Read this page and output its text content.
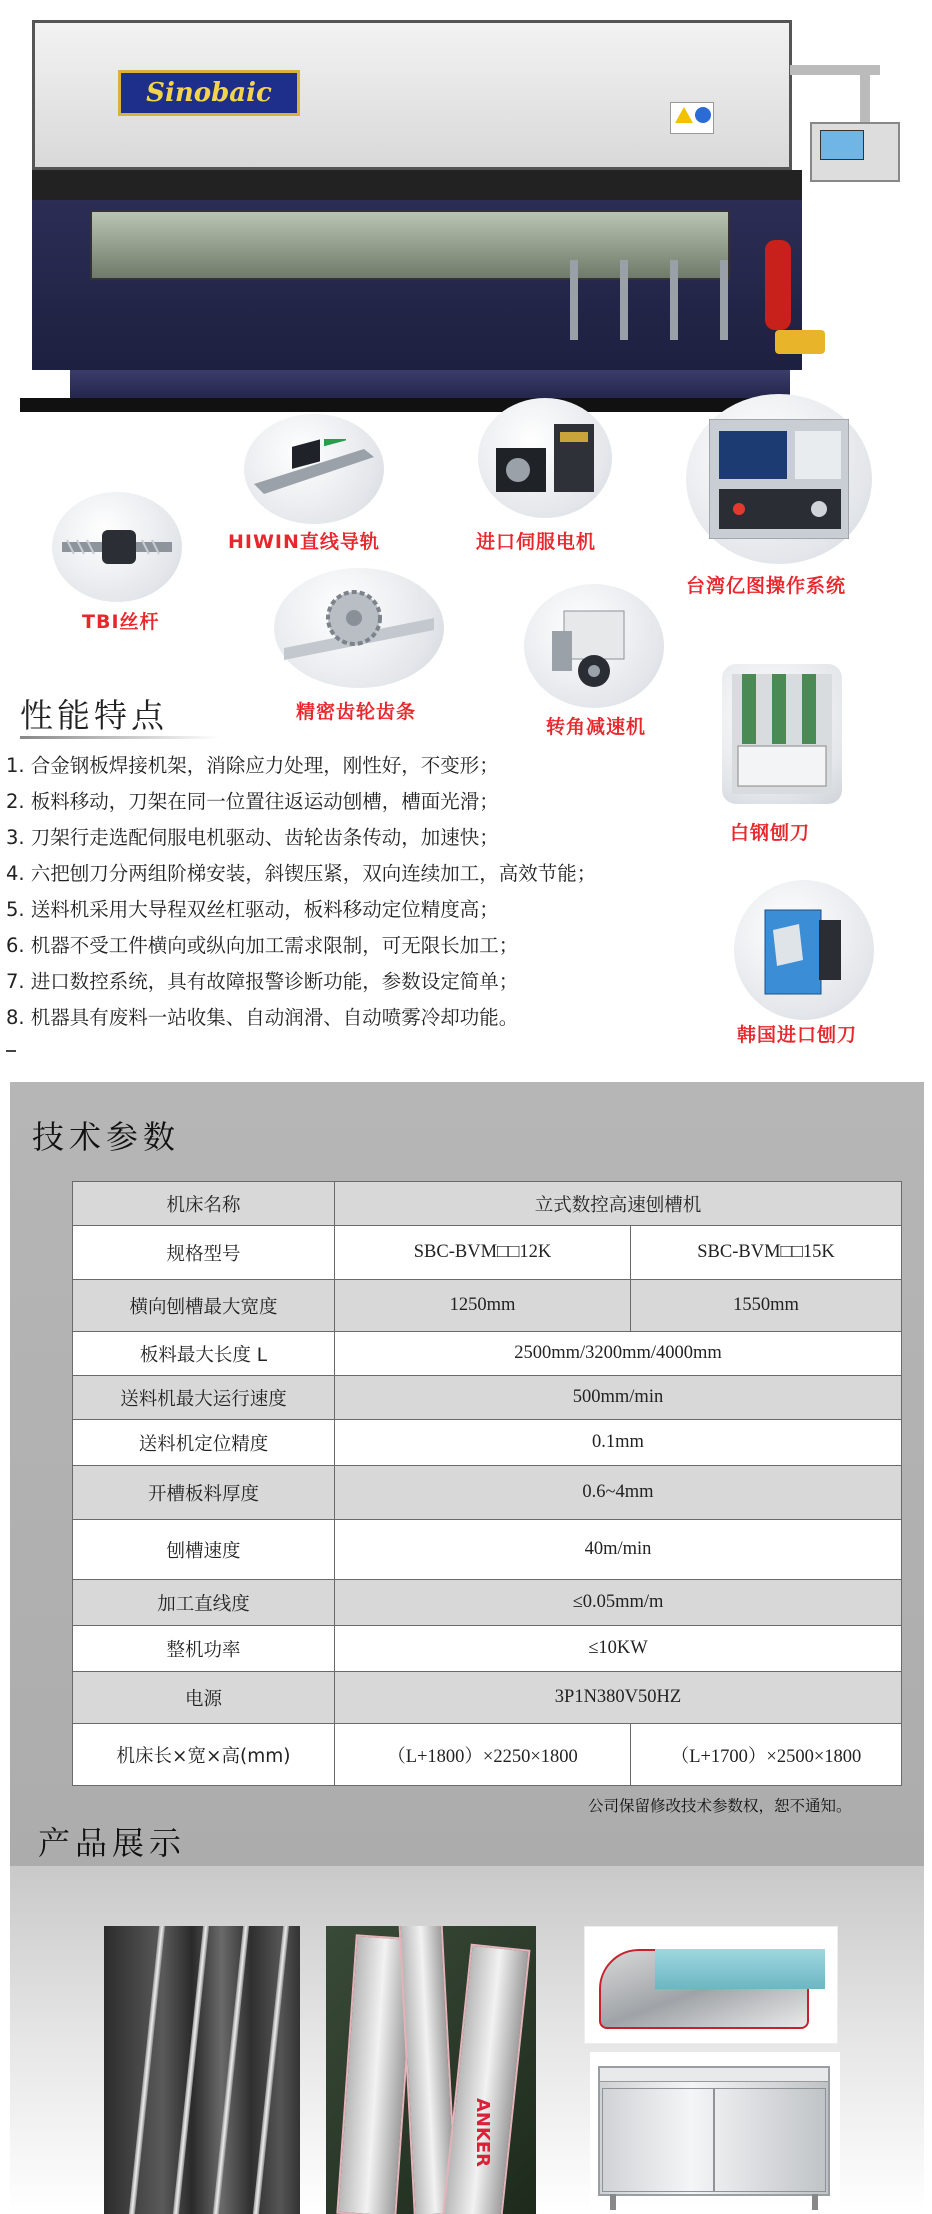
Sinobaic
TBI丝杆
HIWIN直线导轨	进口伺服电机
台湾亿图操作系统
精密齿轮齿条
转角减速机
白钢刨刀
韩国进口刨刀
性能特点
1. 合金钢板焊接机架，消除应力处理，刚性好，不变形；
2. 板料移动，刀架在同一位置往返运动刨槽，槽面光滑；
3. 刀架行走选配伺服电机驱动、齿轮齿条传动，加速快；
4. 六把刨刀分两组阶梯安装，斜锲压紧，双向连续加工，高效节能；
5. 送料机采用大导程双丝杠驱动，板料移动定位精度高；
6. 机器不受工件横向或纵向加工需求限制，可无限长加工；
7. 进口数控系统，具有故障报警诊断功能，参数设定简单；
8. 机器具有废料一站收集、自动润滑、自动喷雾冷却功能。
技术参数
机床名称	立式数控高速刨槽机	
规格型号	SBC-BVM□□12K	SBC-BVM□□15K
横向刨槽最大宽度	1250mm	1550mm
板料最大长度 L	2500mm/3200mm/4000mm	
送料机最大运行速度	500mm/min	
送料机定位精度	0.1mm	
开槽板料厚度	0.6~4mm	
刨槽速度	40m/min	
加工直线度	≤0.05mm/m	
整机功率	≤10KW	
电源	3P1N380V50HZ	
机床长×宽×高(mm)	（L+1800）×2250×1800	（L+1700）×2500×1800
公司保留修改技术参数权，恕不通知。
产品展示
ANKER
